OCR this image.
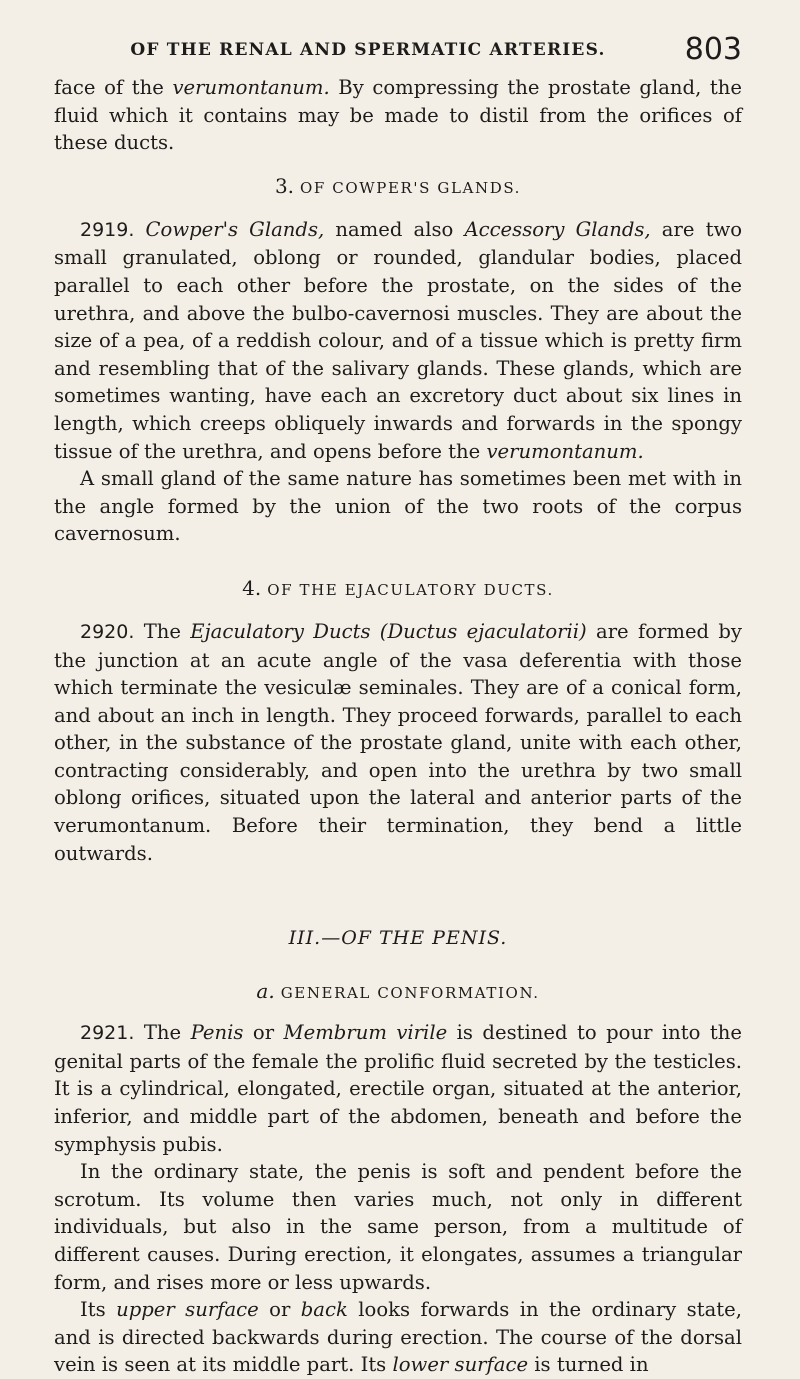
OF THE RENAL AND SPERMATIC ARTERIES.	803

face of the verumontanum. By compressing the prostate gland, the fluid which it contains may be made to distil from the orifices of these ducts.

3. OF COWPER'S GLANDS.

2919. Cowper's Glands, named also Accessory Glands, are two small granulated, oblong or rounded, glandular bodies, placed parallel to each other before the prostate, on the sides of the urethra, and above the bulbo-cavernosi muscles. They are about the size of a pea, of a reddish colour, and of a tissue which is pretty firm and resembling that of the salivary glands. These glands, which are sometimes wanting, have each an excretory duct about six lines in length, which creeps obliquely inwards and forwards in the spongy tissue of the urethra, and opens before the verumontanum.

A small gland of the same nature has sometimes been met with in the angle formed by the union of the two roots of the corpus cavernosum.

4. OF THE EJACULATORY DUCTS.

2920. The Ejaculatory Ducts (Ductus ejaculatorii) are formed by the junction at an acute angle of the vasa deferentia with those which terminate the vesiculæ seminales. They are of a conical form, and about an inch in length. They proceed forwards, parallel to each other, in the substance of the prostate gland, unite with each other, contracting considerably, and open into the urethra by two small oblong orifices, situated upon the lateral and anterior parts of the verumontanum. Before their termination, they bend a little outwards.

III.—OF THE PENIS.
a. GENERAL CONFORMATION.

2921. The Penis or Membrum virile is destined to pour into the genital parts of the female the prolific fluid secreted by the testicles. It is a cylindrical, elongated, erectile organ, situated at the anterior, inferior, and middle part of the abdomen, beneath and before the symphysis pubis.

In the ordinary state, the penis is soft and pendent before the scrotum. Its volume then varies much, not only in different individuals, but also in the same person, from a multitude of different causes. During erection, it elongates, assumes a triangular form, and rises more or less upwards.

Its upper surface or back looks forwards in the ordinary state, and is directed backwards during erection. The course of the dorsal vein is seen at its middle part. Its lower surface is turned in
